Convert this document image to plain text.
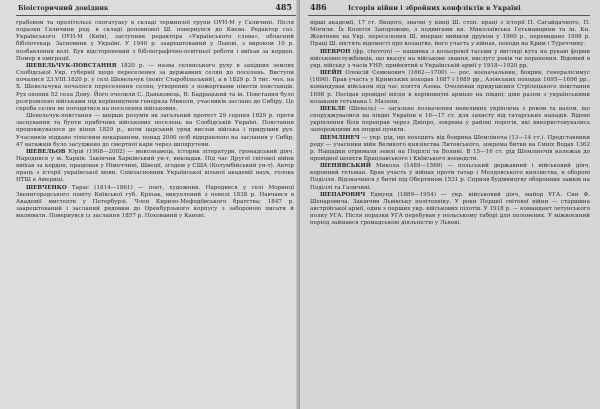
Біоісторичний довідник	485
грабовом та пролітельєє спогатуаєу в складі терминлої групи ОУН-М у Галичині. Після поразки Галичини ред. в складі доповнової Ш. повернувся до Києва. Редактор газ. Українського ОУН-М (Київ), заступник редактора «Українського слова», обласний бібліотекар. Засновник у Україні. У 1940 р. заарештований у Львові, з вироком 10 р. позбавлення волі. Був відсторонений з бібліографічно-освітньої роботи і виїхав за кордон. Помер в еміграції.
ШЕВЕЛЬЧУК-ПОВСТАННЯ 1820 р. — назва селянського руху в західних землях Слобідської Укр. губернії щодо переселення за державних селян до поселень. Виступи почалися 23.VIII.1820 р. у селі Шевельчук (повіт Старобільський), а в 1829 р. 5 тис. чол. на Х. Шевельчука почалося переселення селян, утворених з пожертвами пікетів повстанців. Рух охопив 52 села Дону. Його очолили С. Даньковець, В. Бадрацький та ін. Повстання було розгромлене військами під керівництвом генерала Миколи, учасників заслано до Сибіру. Це спроба селян не погодитися на поселення військових.
Шевельчук-повстання — ширше розумів як загальний протест 29 серпня 1829 р. проти заснування та бунти прибічних військових поселень на Слобідській Україні. Повстання продовжувалося до кінця 1829 р., коли царський уряд вислав війська і придушив рух. Учасників піддано тілесним покаранням, понад 2000 осіб відправлено на заслання у Сибір, 47 ватажків було засуджено до смертної кари через шпіцрутени.
ШЕВЕЛЬОВ Юрій (1908—2002) — мовознавець, історик літератури, громадський діяч. Народився у м. Харків. Закінчив Харківський ун-т, викладав. Під час Другої світової війни виїхав за кордон, працював у Німеччині, Швеції, згодом у США (Колумбійський ун-т). Автор праць з історії української мови. Співзасновник Української вільної академії наук, голова НТШ в Америці.
ШЕВЧЕНКО Тарас (1814—1861) — поет, художник. Народився у селі Моринці Звенигородського повіту Київської губ. Кріпак, викуплений з неволі 1838 р. Навчався в Академії мистецтв у Петербурзі. Член Кирило-Мефодіївського братства; 1847 р. заарештований і засланий рядовим до Оренбурзького корпусу з забороною писати й малювати. Повернувся із заслання 1857 р. Похований у Каневі.
486	Історія війни і збройних конфліктів в Україні
вірші академії, 17 ст. Вищого, значні у кінці Ш. стоп. праці з історії П. Сагайдачного, П. Могили. Їх Колегія Запорожцю, з подвигами кн. Миколаївська Гетьманщини та ін. Кн. Жовтневе на Укр. переселення Ш. вперше вийшли друком у 1960 р., перевидано 1998 р. Праці Ш. містять відомості про козацтво, його участь у війнах, походи на Крим і Туреччину.
ШЕВРОН (фр. chevron) — нашивка з кольорової тасьми у вигляді кута на рукаві форми військовослужбовців, що вказує на військове звання, вислугу років чи поранення. Відомий в укр. війську з часів УНР; прийнятий в Українській армії у 1918—1920 рр.
ШЕЙН Олексій Семенович (1662—1700) — рос. воєначальник, боярин, генералісимус (1696). Брав участь у Кримських походах 1687 і 1689 рр., Азовських походах 1695—1696 рр., командував військом під час взяття Азова. Очолював придушення Стрілецького повстання 1698 р. Посідав провідні місця в керівництві армією на півдні; діяв разом з українськими козаками гетьмана І. Мазепи.
ШЕКЛЕ (Шекель) — загальне позначення невеликих укріплень з ровом та валом, що споруджувалися на півдні України в 16—17 ст. для захисту від татарських нападів. Відомі укріплення біля переправ через Дніпро, зокрема у районі порогів, які використовувались запорожцями як опорні пункти.
ШЕМЛІНЕЧ — укр. рід, що походить від боярина Шемлінеча (13—14 ст.). Представники роду — учасники війн Великого князівства Литовського, зокрема битви на Синіх Водах 1362 р. Нащадки отримали землі на Поділлі та Волині. В 15—16 ст. рід Шемлінечів належав до провідної шляхти Брацлавського і Київського воєводств.
ШЕНЯВСЬКИЙ Микола (1489—1569) — польський державний і військовий діяч, коронний гетьман. Брав участь у війнах проти татар і Молдовського князівства, в обороні Поділля. Відзначився у битві під Обертином 1531 р. Сприяв будівництву оборонних замків на Поділлі та Галичині.
ШЕПАРОВИЧ Едмунд (1889—1954) — укр. військовий діяч, майор УГА. Син Ф. Шепаровича. Закінчив Львівську політехніку. У роки Першої світової війни — старшина австрійської армії, один з перших укр. військових пілотів. У 1918 р. — командант летунського полку УГА. Після поразки УГА перебував у польському таборі для полонених. У міжвоєнний період займався громадською діяльністю у Львові.
